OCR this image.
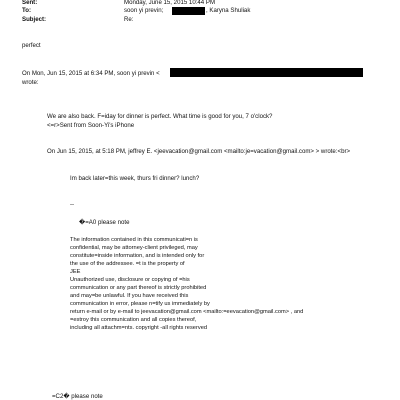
Sent:	Monday, June 15, 2015 10:44 PM
To:	soon yi previn;	, Karyna Shuliak
Subject:	Re:
perfect
On Mon, Jun 15, 2015 at 6:34 PM, soon yi previn <
wrote:
We are also back. F=iday for dinner is perfect. What time is good for you, 7 o'clock?
<=r>Sent from Soon-Yi's iPhone
On Jun 15, 2015, at 5:18 PM, jeffrey E. <jeevacation@gmail.com <mailto:je=vacation@gmail.com> > wrote:<br>
Im back later=this week, thurs fri dinner? lunch?
--
�=A0 please note
The information contained in this communicati=n is
confidential, may be attorney-client privileged, may
constitute=inside information, and is intended only for
the use of the addressee. =t is the property of
JEE
Unauthorized use, disclosure or copying of =his
communication or any part thereof is strictly prohibited
and may=be unlawful. If you have received this
communication in error, please n=tify us immediately by
return e-mail or by e-mail to jeevacation@gmail.com <mailto:=eevacation@gmail.com> , and
=estroy this communication and all copies thereof,
including all attachm=nts. copyright -all rights reserved
=C2� please note
